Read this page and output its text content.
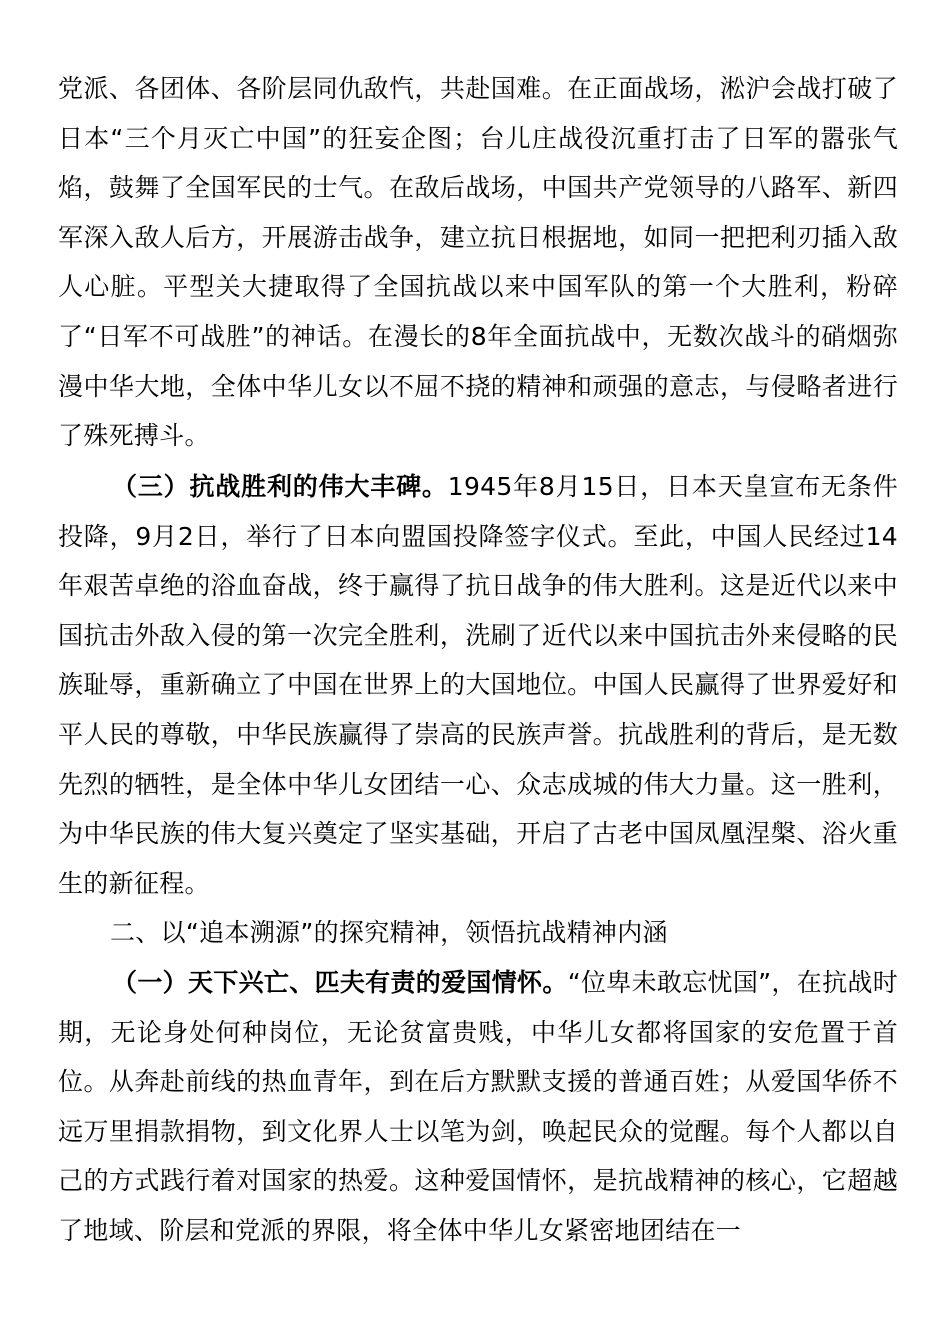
党派、各团体、各阶层同仇敌忾，共赴国难。在正面战场，淞沪会战打破了日本“三个月灭亡中国”的狂妄企图；台儿庄战役沉重打击了日军的嚣张气焰，鼓舞了全国军民的士气。在敌后战场，中国共产党领导的八路军、新四军深入敌人后方，开展游击战争，建立抗日根据地，如同一把把利刃插入敌人心脏。平型关大捷取得了全国抗战以来中国军队的第一个大胜利，粉碎了“日军不可战胜”的神话。在漫长的8年全面抗战中，无数次战斗的硝烟弥漫中华大地，全体中华儿女以不屈不挠的精神和顽强的意志，与侵略者进行了殊死搏斗。

（三）抗战胜利的伟大丰碑。1945年8月15日，日本天皇宣布无条件投降，9月2日，举行了日本向盟国投降签字仪式。至此，中国人民经过14年艰苦卓绝的浴血奋战，终于赢得了抗日战争的伟大胜利。这是近代以来中国抗击外敌入侵的第一次完全胜利，洗刷了近代以来中国抗击外来侵略的民族耻辱，重新确立了中国在世界上的大国地位。中国人民赢得了世界爱好和平人民的尊敬，中华民族赢得了崇高的民族声誉。抗战胜利的背后，是无数先烈的牺牲，是全体中华儿女团结一心、众志成城的伟大力量。这一胜利，为中华民族的伟大复兴奠定了坚实基础，开启了古老中国凤凰涅槃、浴火重生的新征程。

二、以“追本溯源”的探究精神，领悟抗战精神内涵

（一）天下兴亡、匹夫有责的爱国情怀。“位卑未敢忘忧国”，在抗战时期，无论身处何种岗位，无论贫富贵贱，中华儿女都将国家的安危置于首位。从奔赴前线的热血青年，到在后方默默支援的普通百姓；从爱国华侨不远万里捐款捐物，到文化界人士以笔为剑，唤起民众的觉醒。每个人都以自己的方式践行着对国家的热爱。这种爱国情怀，是抗战精神的核心，它超越了地域、阶层和党派的界限，将全体中华儿女紧密地团结在一
